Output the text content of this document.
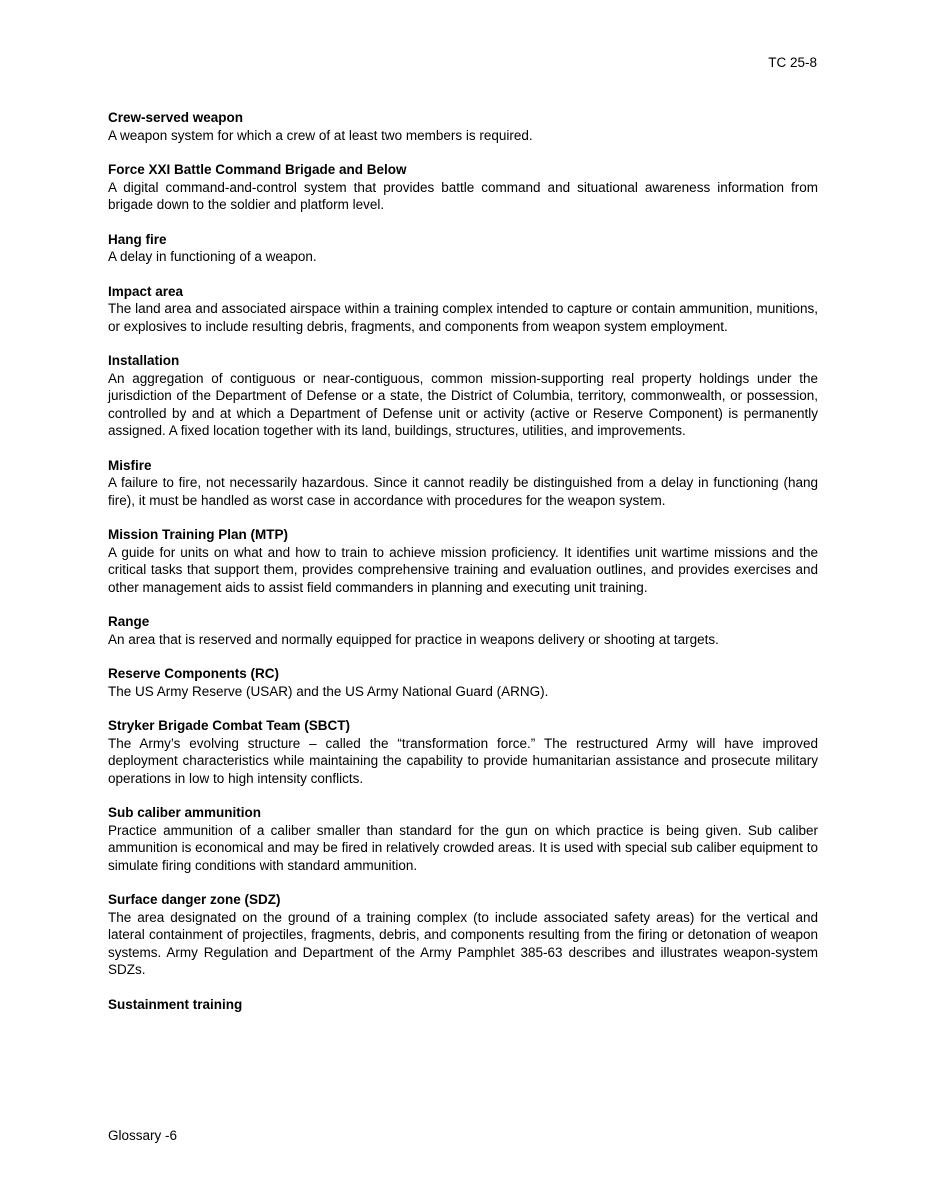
TC 25-8
Crew-served weapon
A weapon system for which a crew of at least two members is required.
Force XXI Battle Command Brigade and Below
A digital command-and-control system that provides battle command and situational awareness information from brigade down to the soldier and platform level.
Hang fire
A delay in functioning of a weapon.
Impact area
The land area and associated airspace within a training complex intended to capture or contain ammunition, munitions, or explosives to include resulting debris, fragments, and components from weapon system employment.
Installation
An aggregation of contiguous or near-contiguous, common mission-supporting real property holdings under the jurisdiction of the Department of Defense or a state, the District of Columbia, territory, commonwealth, or possession, controlled by and at which a Department of Defense unit or activity (active or Reserve Component) is permanently assigned. A fixed location together with its land, buildings, structures, utilities, and improvements.
Misfire
A failure to fire, not necessarily hazardous. Since it cannot readily be distinguished from a delay in functioning (hang fire), it must be handled as worst case in accordance with procedures for the weapon system.
Mission Training Plan (MTP)
A guide for units on what and how to train to achieve mission proficiency. It identifies unit wartime missions and the critical tasks that support them, provides comprehensive training and evaluation outlines, and provides exercises and other management aids to assist field commanders in planning and executing unit training.
Range
An area that is reserved and normally equipped for practice in weapons delivery or shooting at targets.
Reserve Components (RC)
The US Army Reserve (USAR) and the US Army National Guard (ARNG).
Stryker Brigade Combat Team (SBCT)
The Army’s evolving structure – called the “transformation force.” The restructured Army will have improved deployment characteristics while maintaining the capability to provide humanitarian assistance and prosecute military operations in low to high intensity conflicts.
Sub caliber ammunition
Practice ammunition of a caliber smaller than standard for the gun on which practice is being given. Sub caliber ammunition is economical and may be fired in relatively crowded areas. It is used with special sub caliber equipment to simulate firing conditions with standard ammunition.
Surface danger zone (SDZ)
The area designated on the ground of a training complex (to include associated safety areas) for the vertical and lateral containment of projectiles, fragments, debris, and components resulting from the firing or detonation of weapon systems. Army Regulation and Department of the Army Pamphlet 385-63 describes and illustrates weapon-system SDZs.
Sustainment training
Glossary -6
